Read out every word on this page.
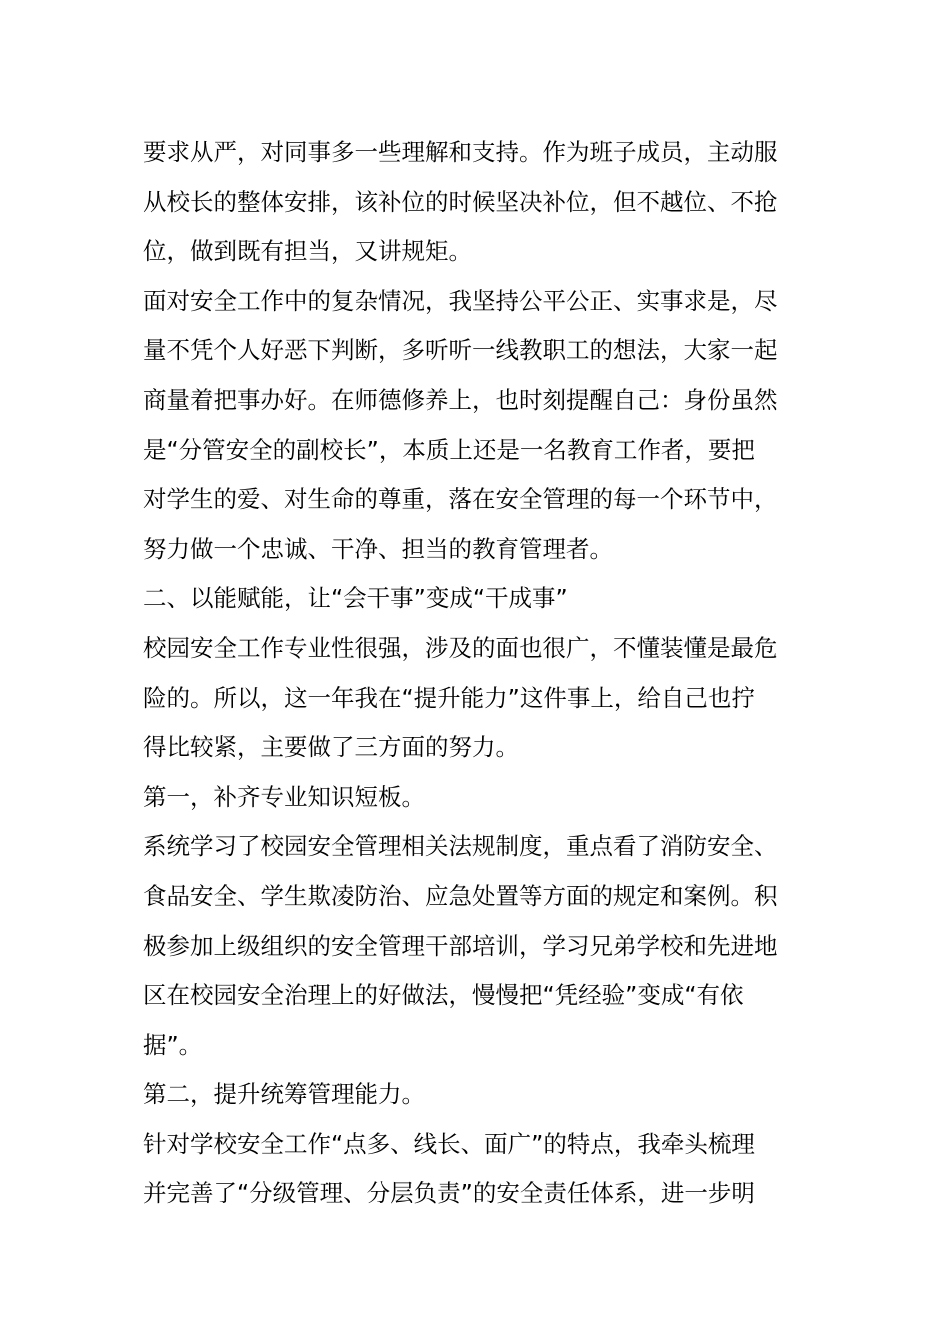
要求从严，对同事多一些理解和支持。作为班子成员，主动服
从校长的整体安排，该补位的时候坚决补位，但不越位、不抢
位，做到既有担当，又讲规矩。
面对安全工作中的复杂情况，我坚持公平公正、实事求是，尽
量不凭个人好恶下判断，多听听一线教职工的想法，大家一起
商量着把事办好。在师德修养上，也时刻提醒自己：身份虽然
是“分管安全的副校长”，本质上还是一名教育工作者，要把
对学生的爱、对生命的尊重，落在安全管理的每一个环节中，
努力做一个忠诚、干净、担当的教育管理者。
二、以能赋能，让“会干事”变成“干成事”
校园安全工作专业性很强，涉及的面也很广，不懂装懂是最危
险的。所以，这一年我在“提升能力”这件事上，给自己也拧
得比较紧，主要做了三方面的努力。
第一，补齐专业知识短板。
系统学习了校园安全管理相关法规制度，重点看了消防安全、
食品安全、学生欺凌防治、应急处置等方面的规定和案例。积
极参加上级组织的安全管理干部培训，学习兄弟学校和先进地
区在校园安全治理上的好做法，慢慢把“凭经验”变成“有依
据”。
第二，提升统筹管理能力。
针对学校安全工作“点多、线长、面广”的特点，我牵头梳理
并完善了“分级管理、分层负责”的安全责任体系，进一步明
